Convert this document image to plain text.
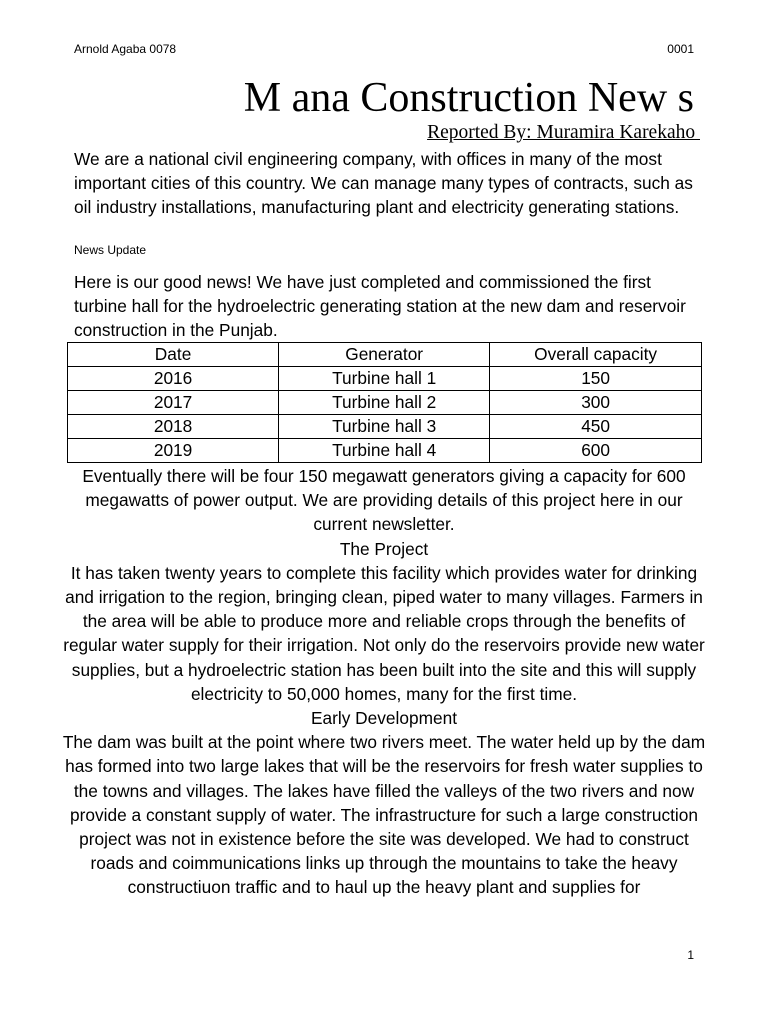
Arnold Agaba 0078	0001
M ana Construction New s
Reported By: Muramira Karekaho
We are a national civil engineering company, with offices in many of the most important cities of this country. We can manage many types of contracts, such as oil industry installations, manufacturing plant and electricity generating stations.
News Update
Here is our good news! We have just completed and commissioned the first turbine hall for the hydroelectric generating station at the new dam and reservoir construction in the Punjab.
Date	Generator	Overall capacity
2016	Turbine hall 1	150
2017	Turbine hall 2	300
2018	Turbine hall 3	450
2019	Turbine hall 4	600
Eventually there will be four 150 megawatt generators giving a capacity for 600 megawatts of power output. We are providing details of this project here in our current newsletter.
The Project
It has taken twenty years to complete this facility which provides water for drinking and irrigation to the region, bringing clean, piped water to many villages. Farmers in the area will be able to produce more and reliable crops through the benefits of regular water supply for their irrigation. Not only do the reservoirs provide new water supplies, but a hydroelectric station has been built into the site and this will supply electricity to 50,000 homes, many for the first time.
Early Development
The dam was built at the point where two rivers meet. The water held up by the dam has formed into two large lakes that will be the reservoirs for fresh water supplies to the towns and villages. The lakes have filled the valleys of the two rivers and now provide a constant supply of water. The infrastructure for such a large construction project was not in existence before the site was developed. We had to construct roads and coimmunications links up through the mountains to take the heavy constructiuon traffic and to haul up the heavy plant and supplies for
1
